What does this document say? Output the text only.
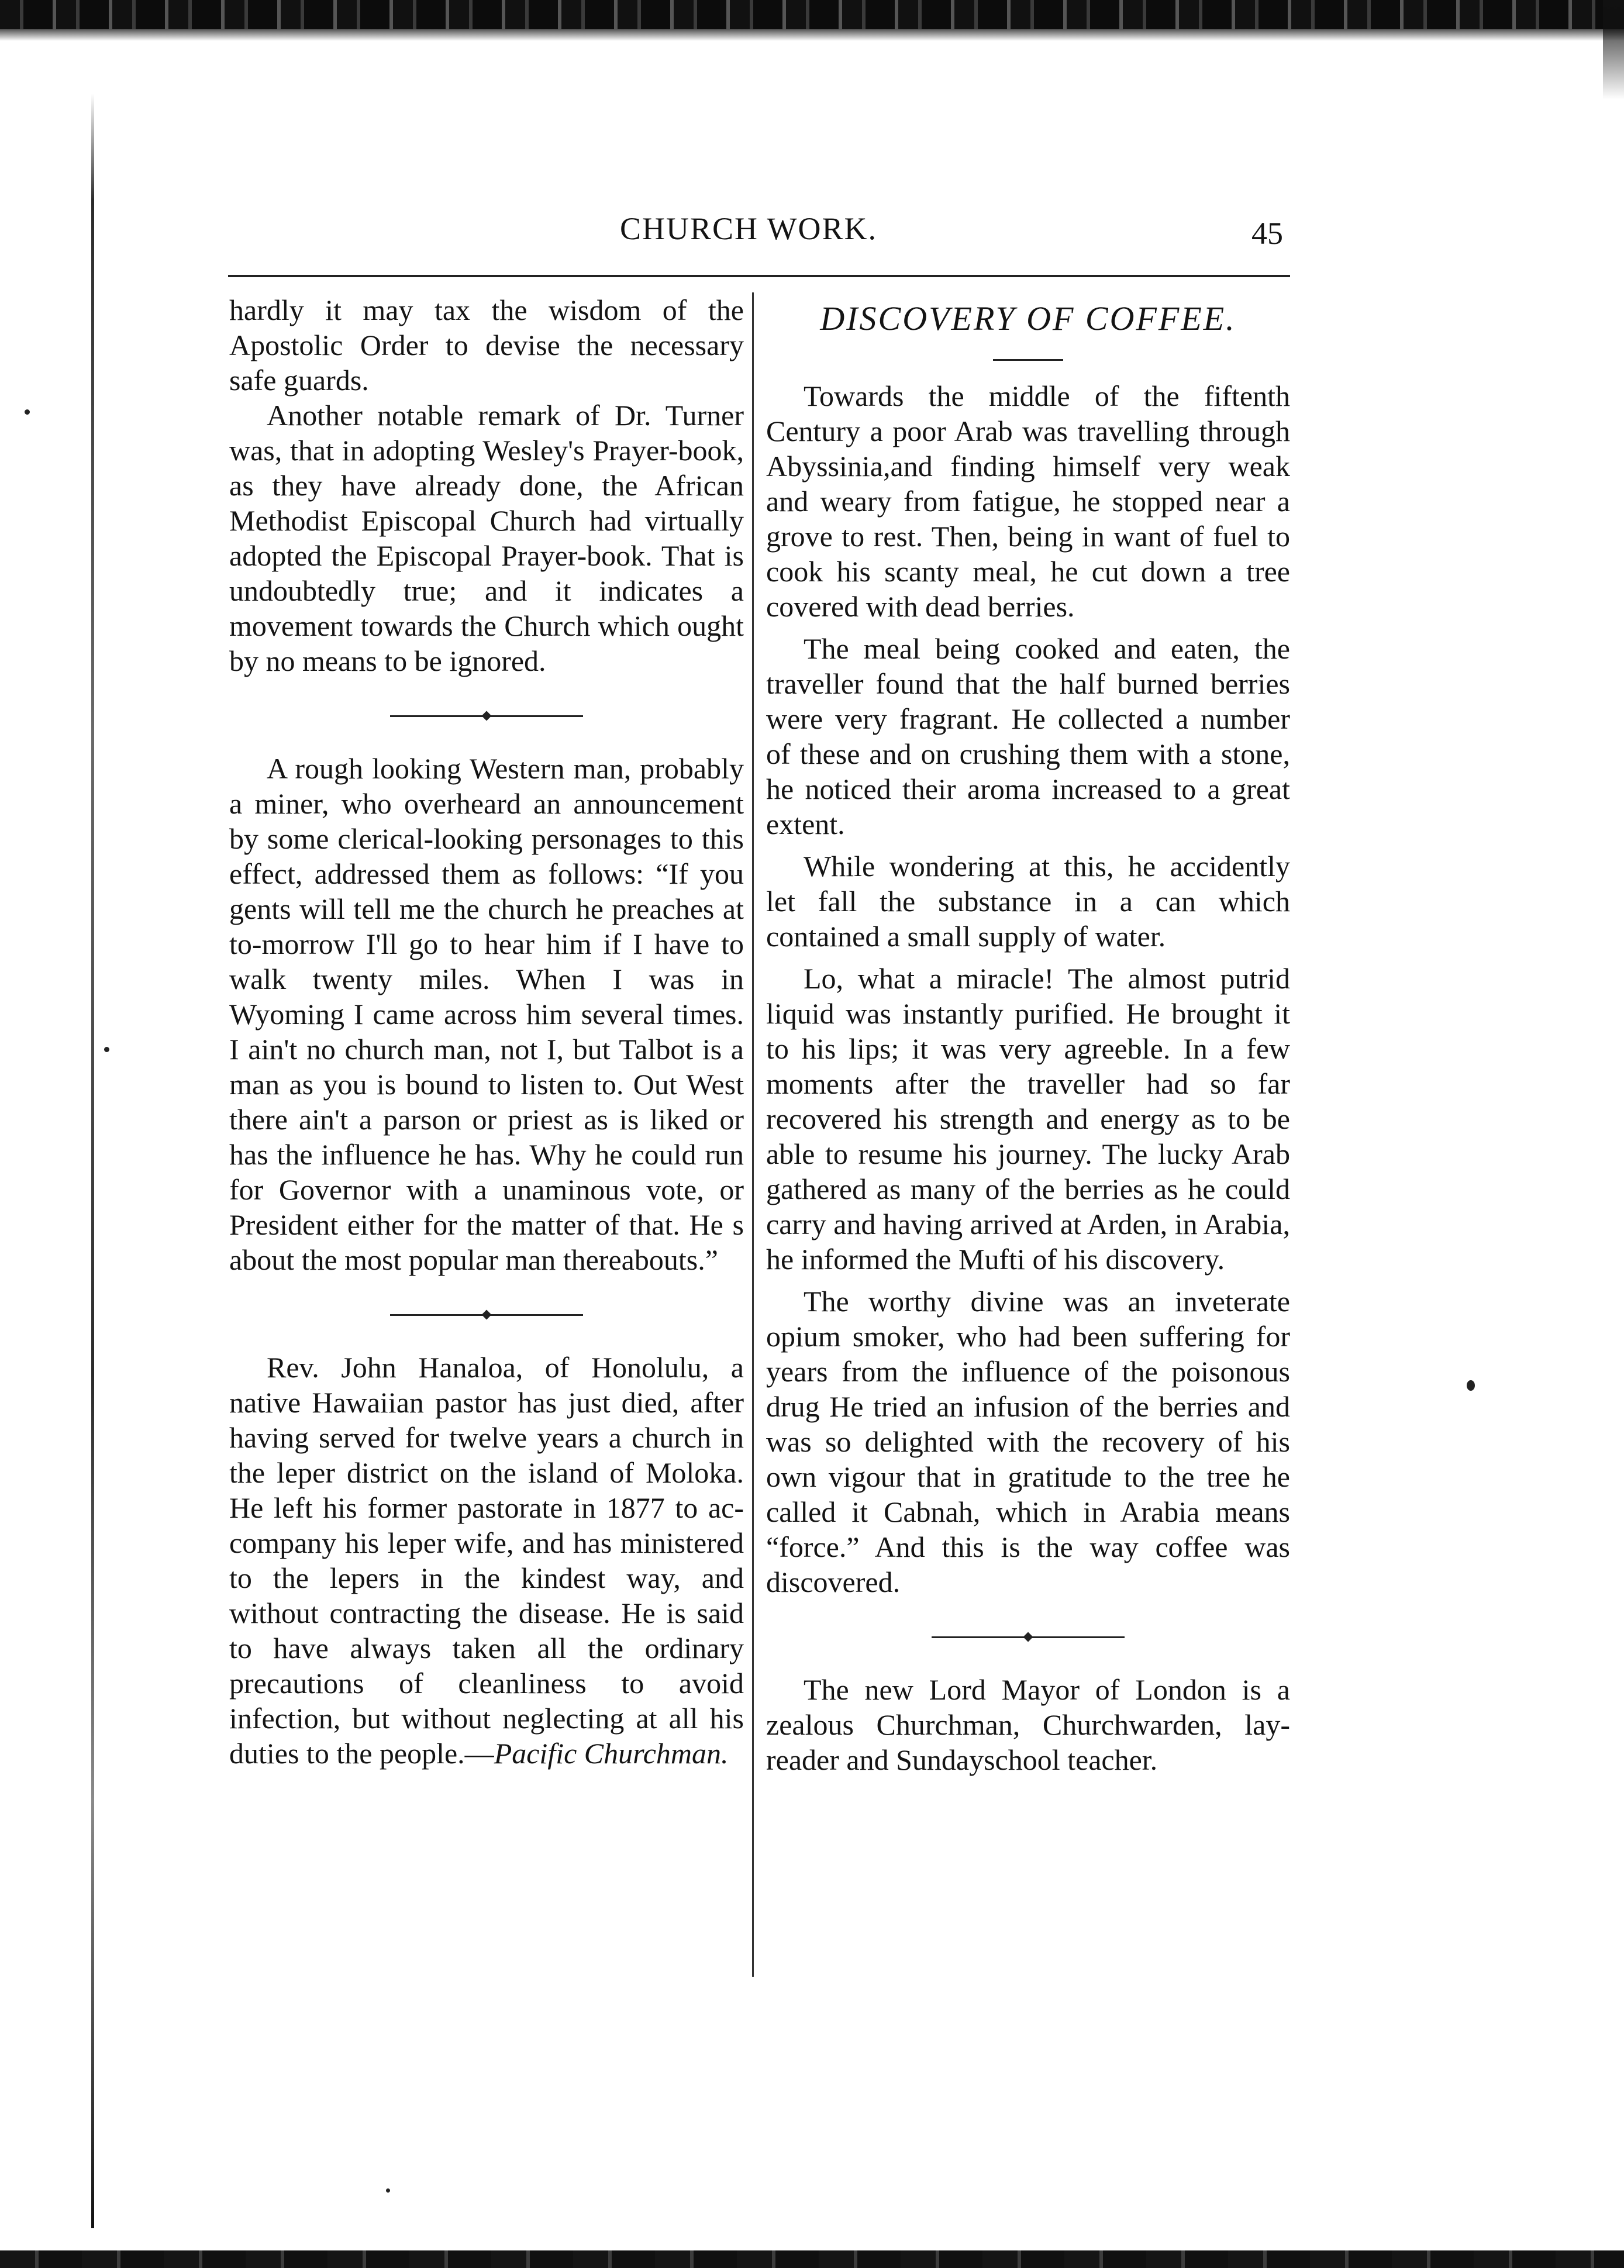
CHURCH WORK.	45

hardly it may tax the wisdom of the Apostolic Order to devise the necessary safe guards.

Another notable remark of Dr. Turner was, that in adopting Wesley's Prayer-book, as they have already done, the African Methodist Episcopal Church had virtually adopted the Episcopal Prayer-book. That is undoubtedly true; and it indicates a movement towards the Church which ought by no means to be ignored.

A rough looking Western man, probably a miner, who overheard an announcement by some clerical-looking personages to this effect, addressed them as follows: “If you gents will tell me the church he preaches at to-morrow I'll go to hear him if I have to walk twenty miles. When I was in Wyoming I came across him several times. I ain't no church man, not I, but Talbot is a man as you is bound to listen to. Out West there ain't a parson or priest as is liked or has the influence he has. Why he could run for Governor with a unaminous vote, or President either for the matter of that. He s about the most popular man thereabouts.”

Rev. John Hanaloa, of Honolulu, a native Hawaiian pastor has just died, after having served for twelve years a church in the leper district on the island of Moloka. He left his former pastorate in 1877 to accompany his leper wife, and has ministered to the lepers in the kindest way, and without contracting the disease. He is said to have always taken all the ordinary precautions of cleanliness to avoid infection, but without neglecting at all his duties to the people.—Pacific Churchman.

DISCOVERY OF COFFEE.

Towards the middle of the fiftenth Century a poor Arab was travelling through Abyssinia,and finding himself very weak and weary from fatigue, he stopped near a grove to rest. Then, being in want of fuel to cook his scanty meal, he cut down a tree covered with dead berries.

The meal being cooked and eaten, the traveller found that the half burned berries were very fragrant. He collected a number of these and on crushing them with a stone, he noticed their aroma increased to a great extent.

While wondering at this, he accidently let fall the substance in a can which contained a small supply of water.

Lo, what a miracle! The almost putrid liquid was instantly purified. He brought it to his lips; it was very agreeble. In a few moments after the traveller had so far recovered his strength and energy as to be able to resume his journey. The lucky Arab gathered as many of the berries as he could carry and having arrived at Arden, in Arabia, he informed the Mufti of his discovery.

The worthy divine was an inveterate opium smoker, who had been suffering for years from the influence of the poisonous drug He tried an infusion of the berries and was so delighted with the recovery of his own vigour that in gratitude to the tree he called it Cabnah, which in Arabia means “force.” And this is the way coffee was discovered.

The new Lord Mayor of London is a zealous Churchman, Churchwarden, lay-reader and Sundayschool teacher.
